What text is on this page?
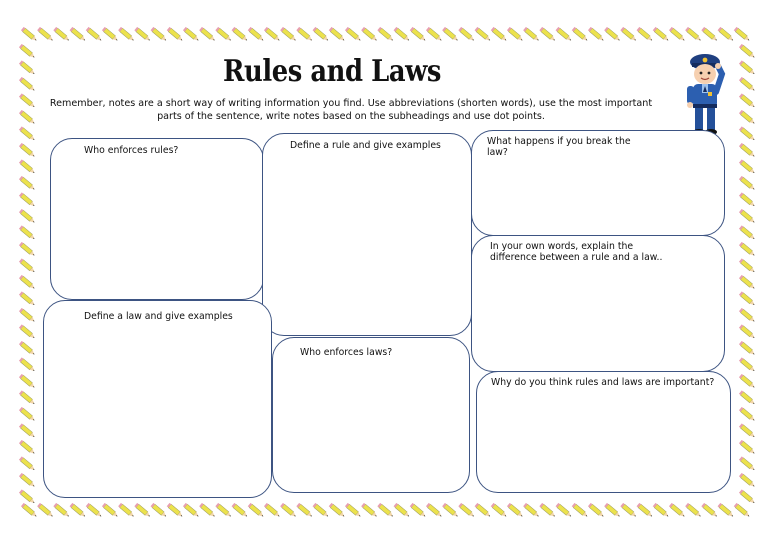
Rules and Laws
Remember, notes are a short way of writing information you find. Use abbreviations (shorten words), use the most important
parts of the sentence, write notes based on the subheadings and use dot points.
Who enforces rules?	Define a rule and give examples	What happens if you break the
law?
In your own words, explain the
difference between a rule and a law..
Define a law and give examples
Who enforces laws?
Why do you think rules and laws are important?
